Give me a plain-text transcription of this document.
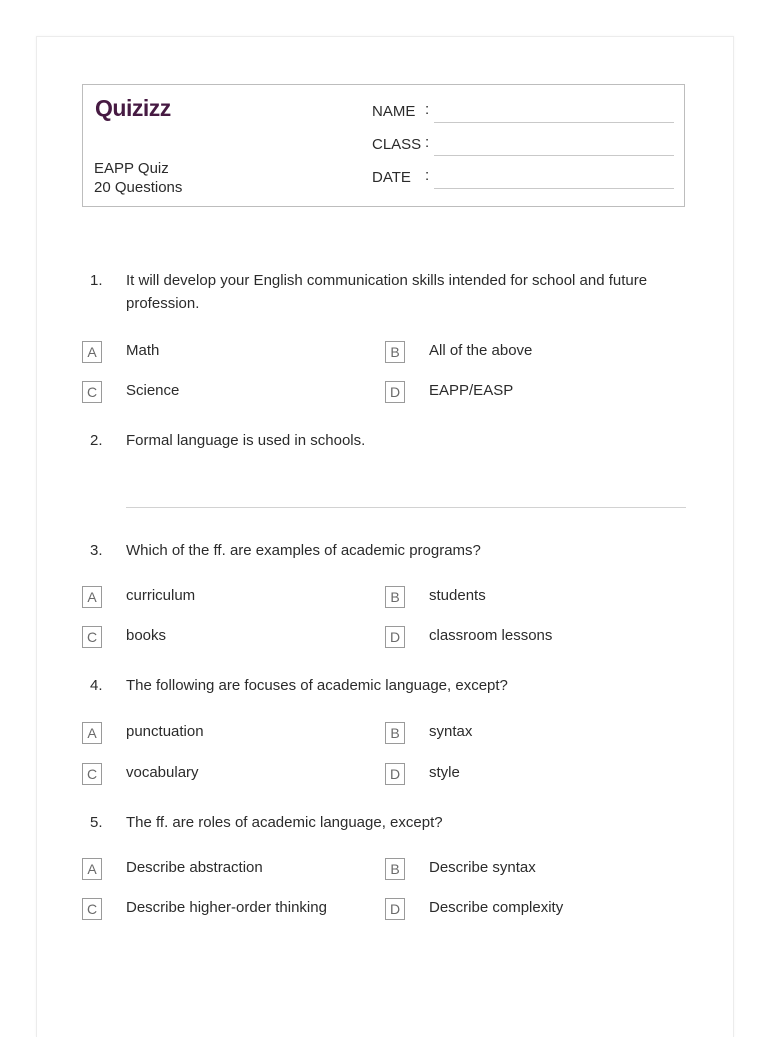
Quizizz
EAPP Quiz
20 Questions
NAME :
CLASS :
DATE :
1. It will develop your English communication skills intended for school and future profession.
A	Math	B	All of the above
C	Science	D	EAPP/EASP
2. Formal language is used in schools.
3. Which of the ff. are examples of academic programs?
A	curriculum	B	students
C	books	D	classroom lessons
4. The following are focuses of academic language, except?
A	punctuation	B	syntax
C	vocabulary	D	style
5. The ff. are roles of academic language, except?
A	Describe abstraction	B	Describe syntax
C	Describe higher-order thinking	D	Describe complexity
